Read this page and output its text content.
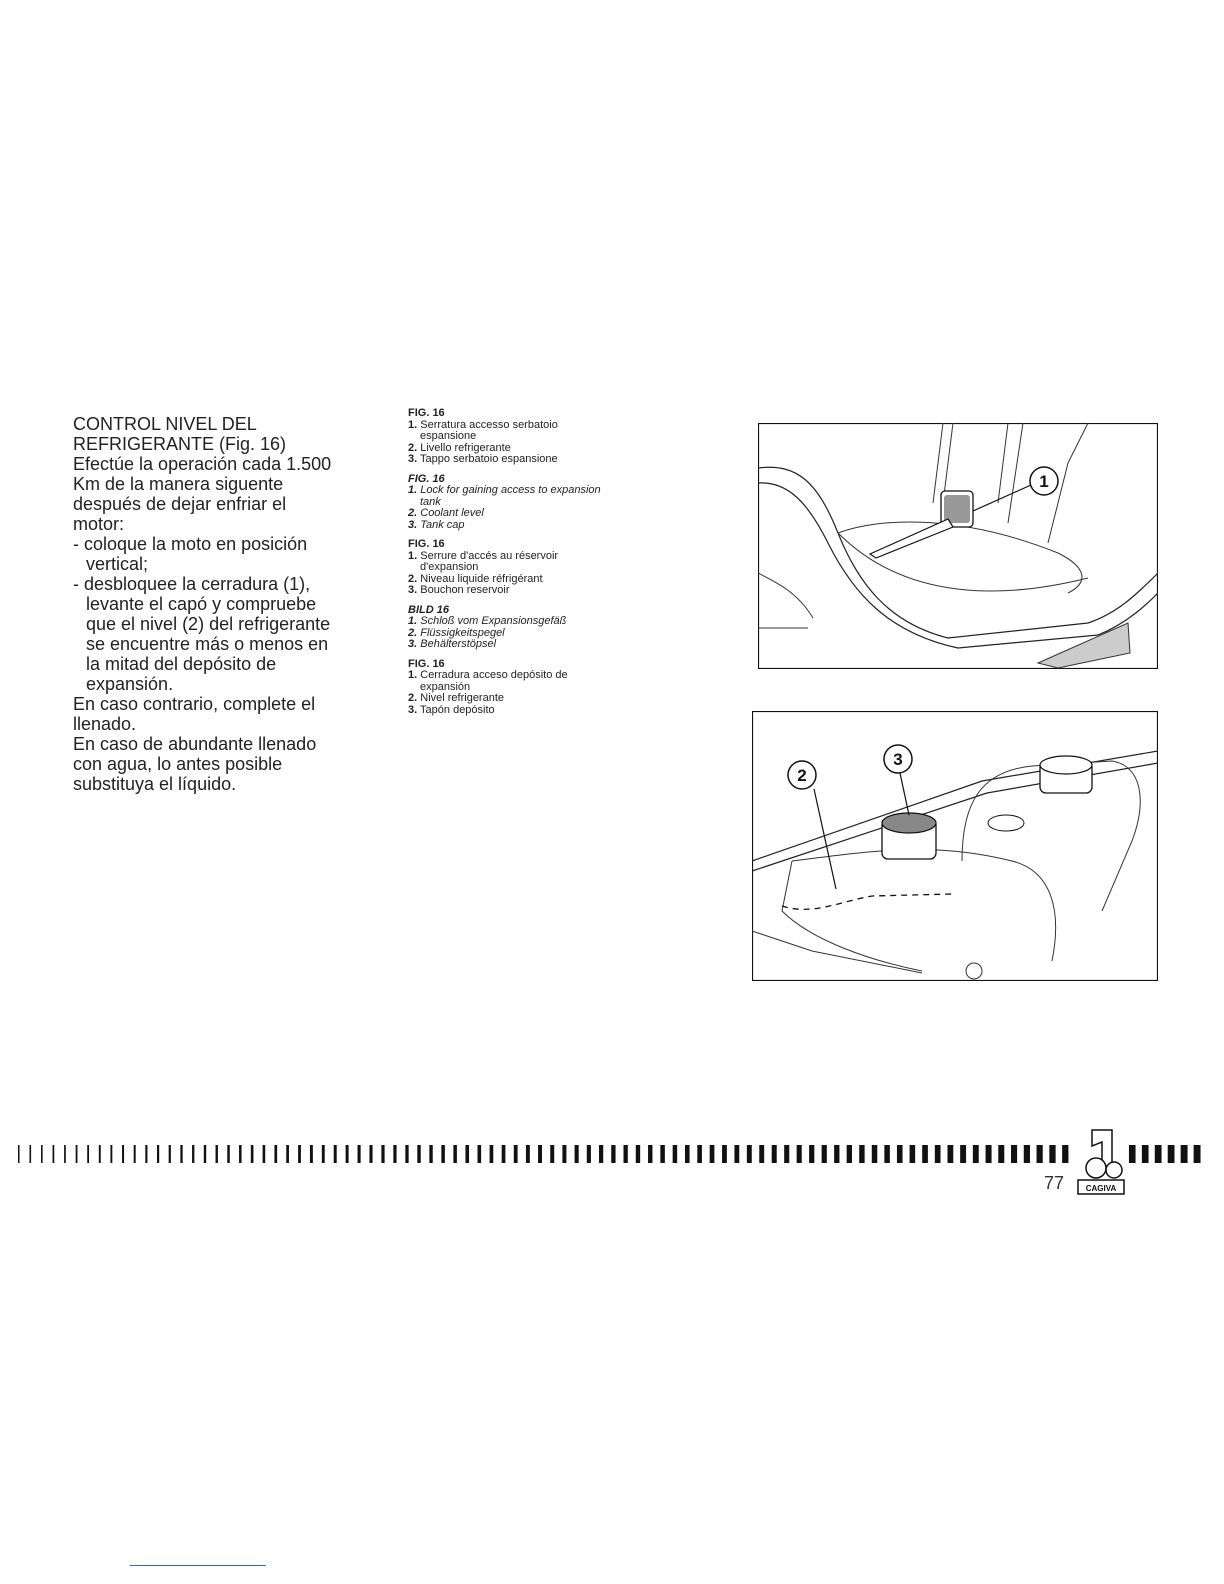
CONTROL NIVEL DEL

REFRIGERANTE (Fig. 16)

Efectúe la operación cada 1.500

Km de la manera siguente

después de dejar enfriar el

motor:

- coloque la moto en posición

vertical;

- desbloquee la cerradura (1),

levante el capó y compruebe

que el nivel (2) del refrigerante

se encuentre más o menos en

la mitad del depósito de

expansión.

En caso contrario, complete el

llenado.

En caso de abundante llenado

con agua, lo antes posible

substituya el líquido.

FIG. 16
1. Serratura accesso serbatoio espansione
2. Livello refrigerante
3. Tappo serbatoio espansione
FIG. 16
1. Lock for gaining access to expansion tank
2. Coolant level
3. Tank cap
FIG. 16
1. Serrure d'accés au réservoir d'expansion
2. Niveau liquide réfrigérant
3. Bouchon reservoir
BILD 16
1. Schloß vom Expansionsgefäß
2. Flüssigkeitspegel
3. Behälterstöpsel
FIG. 16
1. Cerradura acceso depósito de expansión
2. Nivel refrigerante
3. Tapón depósito
1
2
3
77	CAGIVA
